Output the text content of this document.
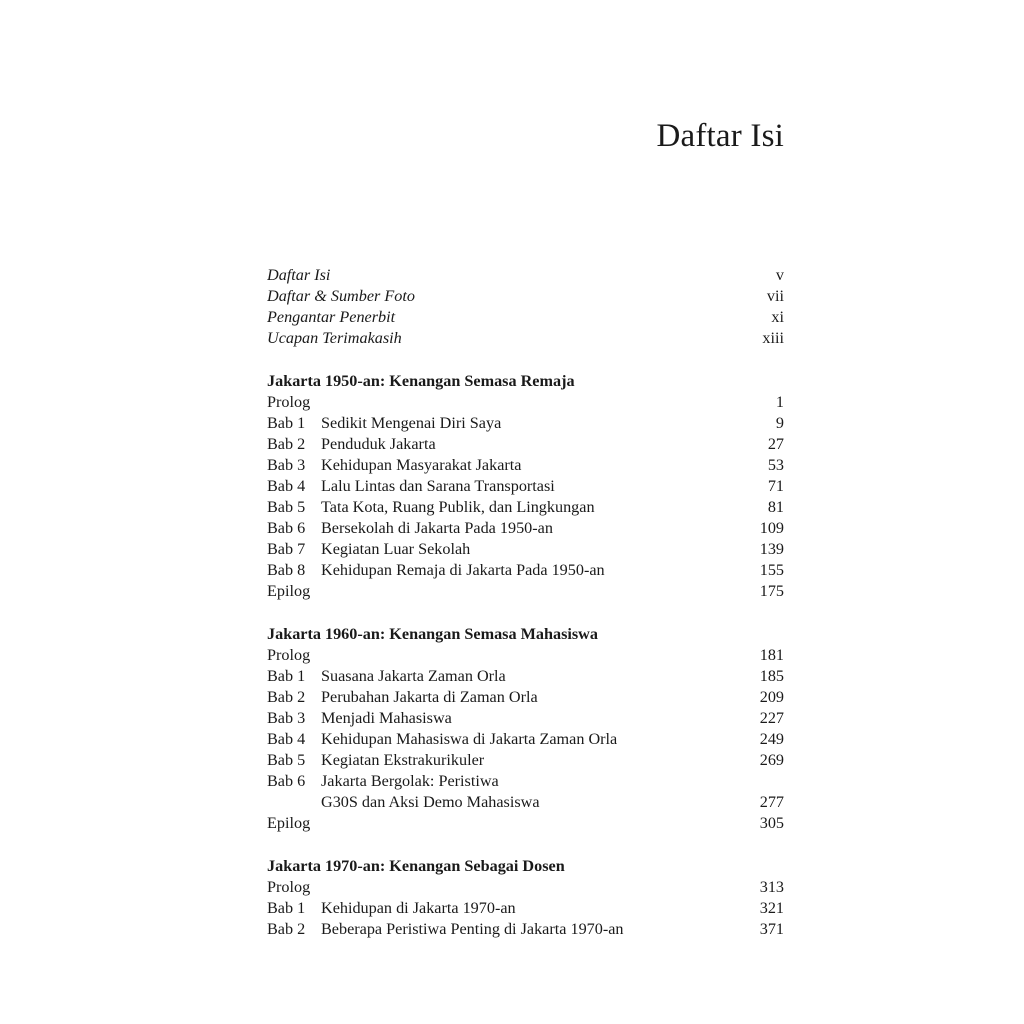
Daftar Isi
Daftar Isi	v
Daftar & Sumber Foto	vii
Pengantar Penerbit	xi
Ucapan Terimakasih	xiii
Jakarta 1950-an: Kenangan Semasa Remaja
Prolog	1
Bab 1 Sedikit Mengenai Diri Saya	9
Bab 2 Penduduk Jakarta	27
Bab 3 Kehidupan Masyarakat Jakarta	53
Bab 4 Lalu Lintas dan Sarana Transportasi	71
Bab 5 Tata Kota, Ruang Publik, dan Lingkungan	81
Bab 6 Bersekolah di Jakarta Pada 1950-an	109
Bab 7 Kegiatan Luar Sekolah	139
Bab 8 Kehidupan Remaja di Jakarta Pada 1950-an	155
Epilog	175
Jakarta 1960-an: Kenangan Semasa Mahasiswa
Prolog	181
Bab 1 Suasana Jakarta Zaman Orla	185
Bab 2 Perubahan Jakarta di Zaman Orla	209
Bab 3 Menjadi Mahasiswa	227
Bab 4 Kehidupan Mahasiswa di Jakarta Zaman Orla	249
Bab 5 Kegiatan Ekstrakurikuler	269
Bab 6 Jakarta Bergolak: Peristiwa
G30S dan Aksi Demo Mahasiswa	277
Epilog	305
Jakarta 1970-an: Kenangan Sebagai Dosen
Prolog	313
Bab 1 Kehidupan di Jakarta 1970-an	321
Bab 2 Beberapa Peristiwa Penting di Jakarta 1970-an	371
